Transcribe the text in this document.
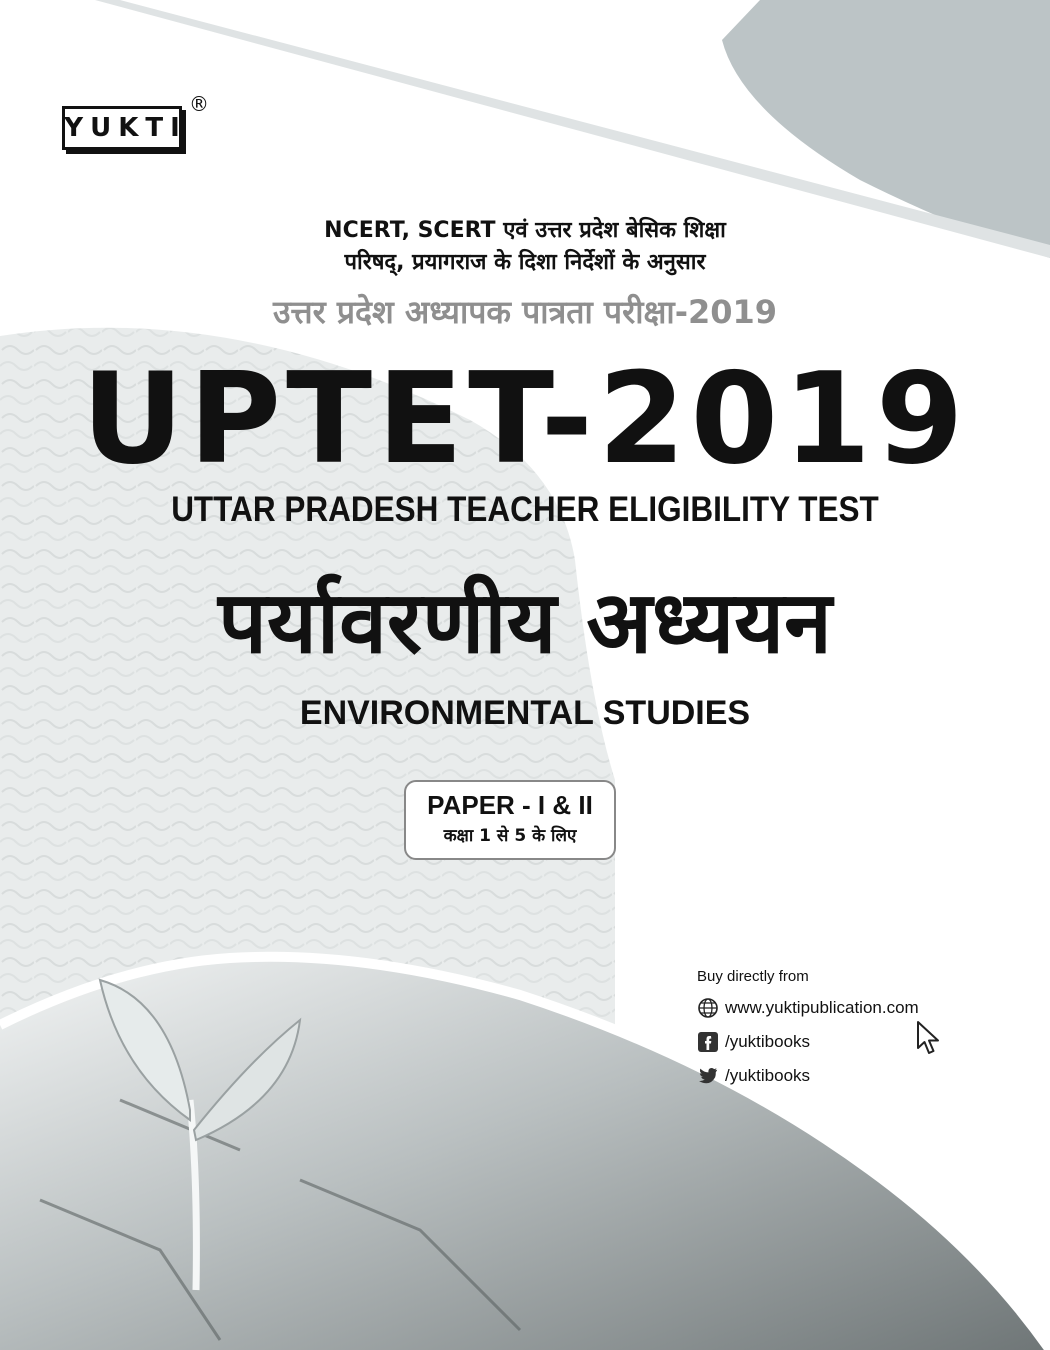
YUKTI
®
NCERT, SCERT एवं उत्तर प्रदेश बेसिक शिक्षा
परिषद्, प्रयागराज के दिशा निर्देशों के अनुसार
उत्तर प्रदेश अध्यापक पात्रता परीक्षा-2019
UPTET-2019
UTTAR PRADESH TEACHER ELIGIBILITY TEST
पर्यावरणीय अध्ययन
ENVIRONMENTAL STUDIES
PAPER - I & II
कक्षा 1 से 5 के लिए
Buy directly from
www.yuktipublication.com
/yuktibooks
/yuktibooks
